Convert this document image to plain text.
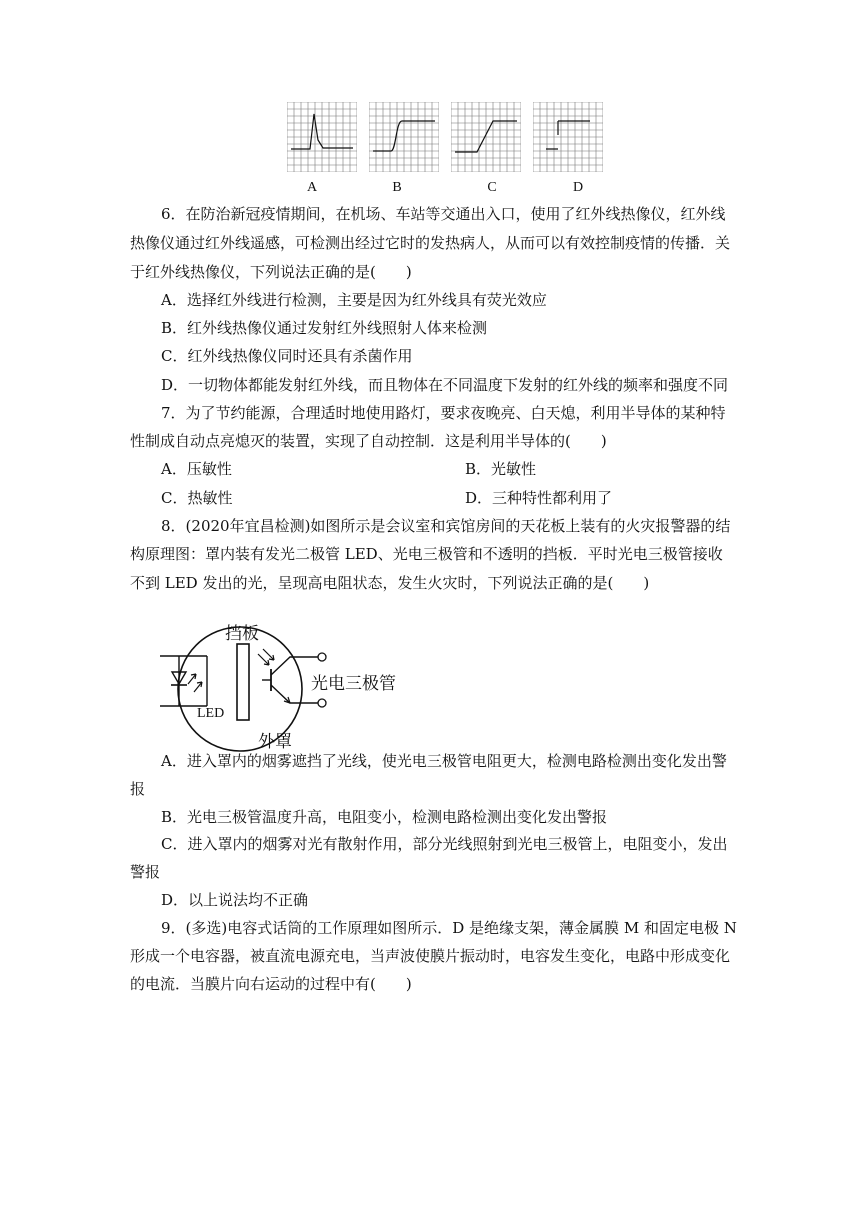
A	B	C	D
6．在防治新冠疫情期间，在机场、车站等交通出入口，使用了红外线热像仪，红外线
热像仪通过红外线遥感，可检测出经过它时的发热病人，从而可以有效控制疫情的传播．关
于红外线热像仪，下列说法正确的是(　　)
A．选择红外线进行检测，主要是因为红外线具有荧光效应
B．红外线热像仪通过发射红外线照射人体来检测
C．红外线热像仪同时还具有杀菌作用
D．一切物体都能发射红外线，而且物体在不同温度下发射的红外线的频率和强度不同
7．为了节约能源，合理适时地使用路灯，要求夜晚亮、白天熄，利用半导体的某种特
性制成自动点亮熄灭的装置，实现了自动控制．这是利用半导体的(　　)
A．压敏性	B．光敏性
C．热敏性	D．三种特性都利用了
8．(2020年宜昌检测)如图所示是会议室和宾馆房间的天花板上装有的火灾报警器的结
构原理图：罩内装有发光二极管 LED、光电三极管和不透明的挡板．平时光电三极管接收
不到 LED 发出的光，呈现高电阻状态，发生火灾时，下列说法正确的是(　　)
挡板
光电三极管
LED
外罩
A．进入罩内的烟雾遮挡了光线，使光电三极管电阻更大，检测电路检测出变化发出警
报
B．光电三极管温度升高，电阻变小，检测电路检测出变化发出警报
C．进入罩内的烟雾对光有散射作用，部分光线照射到光电三极管上，电阻变小，发出
警报
D．以上说法均不正确
9．(多选)电容式话筒的工作原理如图所示．D 是绝缘支架，薄金属膜 M 和固定电极 N
形成一个电容器，被直流电源充电，当声波使膜片振动时，电容发生变化，电路中形成变化
的电流．当膜片向右运动的过程中有(　　)
